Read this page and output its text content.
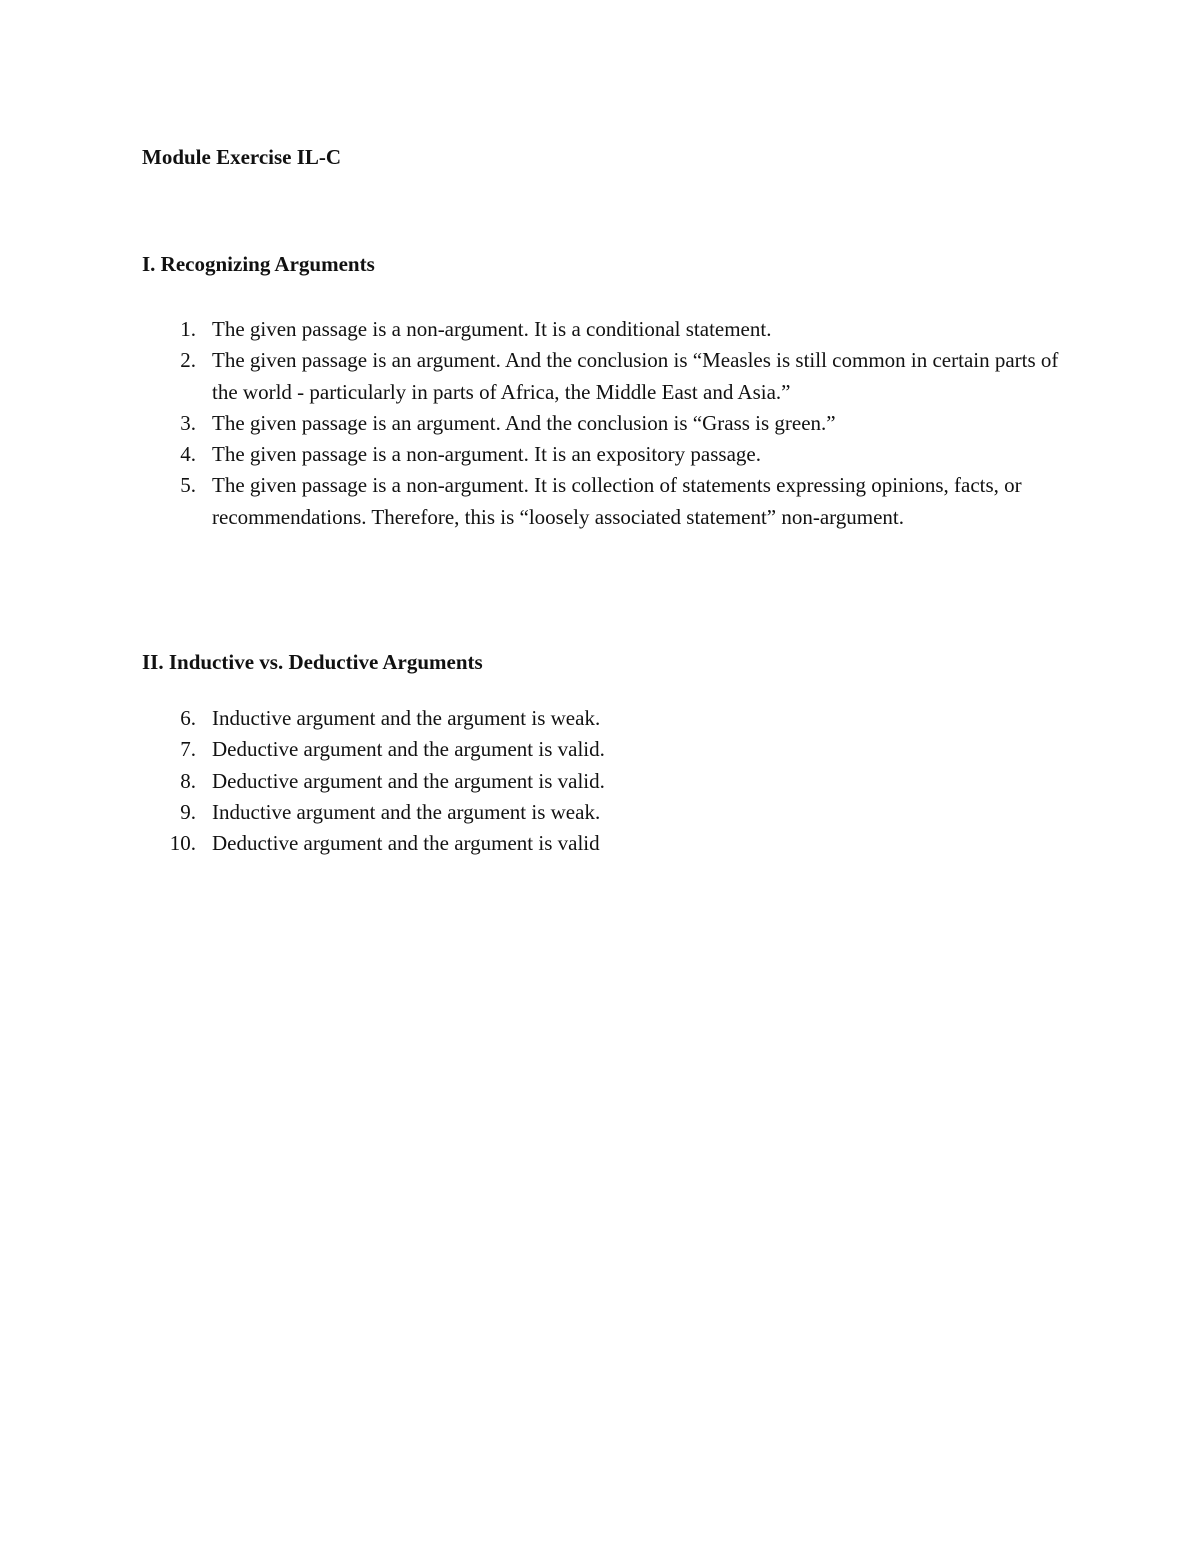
Module Exercise IL-C
I. Recognizing Arguments
1. The given passage is a non-argument. It is a conditional statement.
2. The given passage is an argument. And the conclusion is “Measles is still common in certain parts of the world - particularly in parts of Africa, the Middle East and Asia.”
3. The given passage is an argument. And the conclusion is “Grass is green.”
4. The given passage is a non-argument. It is an expository passage.
5. The given passage is a non-argument. It is collection of statements expressing opinions, facts, or recommendations. Therefore, this is “loosely associated statement” non-argument.
II. Inductive vs. Deductive Arguments
6. Inductive argument and the argument is weak.
7. Deductive argument and the argument is valid.
8. Deductive argument and the argument is valid.
9. Inductive argument and the argument is weak.
10. Deductive argument and the argument is valid
